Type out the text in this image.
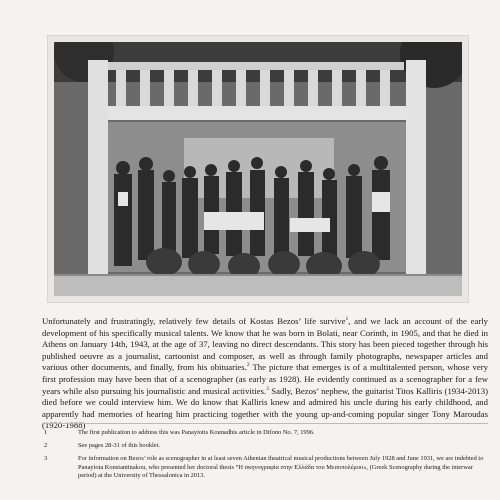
Unfortunately and frustratingly, relatively few details of Kostas Bezos’ life survive$^1$, and we lack an account of the early development of his specifically musical talents. We know that he was born in Bolati, near Corinth, in 1905, and that he died in Athens on January 14th, 1943, at the age of 37, leaving no direct descendants. This story has been pieced together through his published oeuvre as a journalist, cartoonist and composer, as well as through family photographs, newspaper articles and various other documents, and finally, from his obituaries.$^2$ The picture that emerges is of a multitalented person, whose very first profession may have been that of a scenographer (as early as 1928). He evidently continued as a scenographer for a few years while also pursuing his journalistic and musical activities.$^3$ Sadly, Bezos’ nephew, the guitarist Titos Kalliris (1934-2013) died before we could interview him. We do know that Kalliris knew and admired his uncle during his early childhood, and apparently had memories of hearing him practicing together with the young up-and-coming popular singer Tony Maroudas (1920-1988)

1	The first publication to address this was Panayiotis Kounadhis article in Difono No. 7, 1996.
2	See pages 28-31 of this booklet.
3	For information on Bezos’ role as scenographer in at least seven Athenian theatrical musical productions between July 1928 and June 1931, we are indebted to Panayiota Konstantinakou, who presented her doctoral thesis “Η σκηνογραφία στην Ελλάδα του Μεσοπολέμου», (Greek Scenography during the interwar period) at the University of Thessalonica in 2013.
